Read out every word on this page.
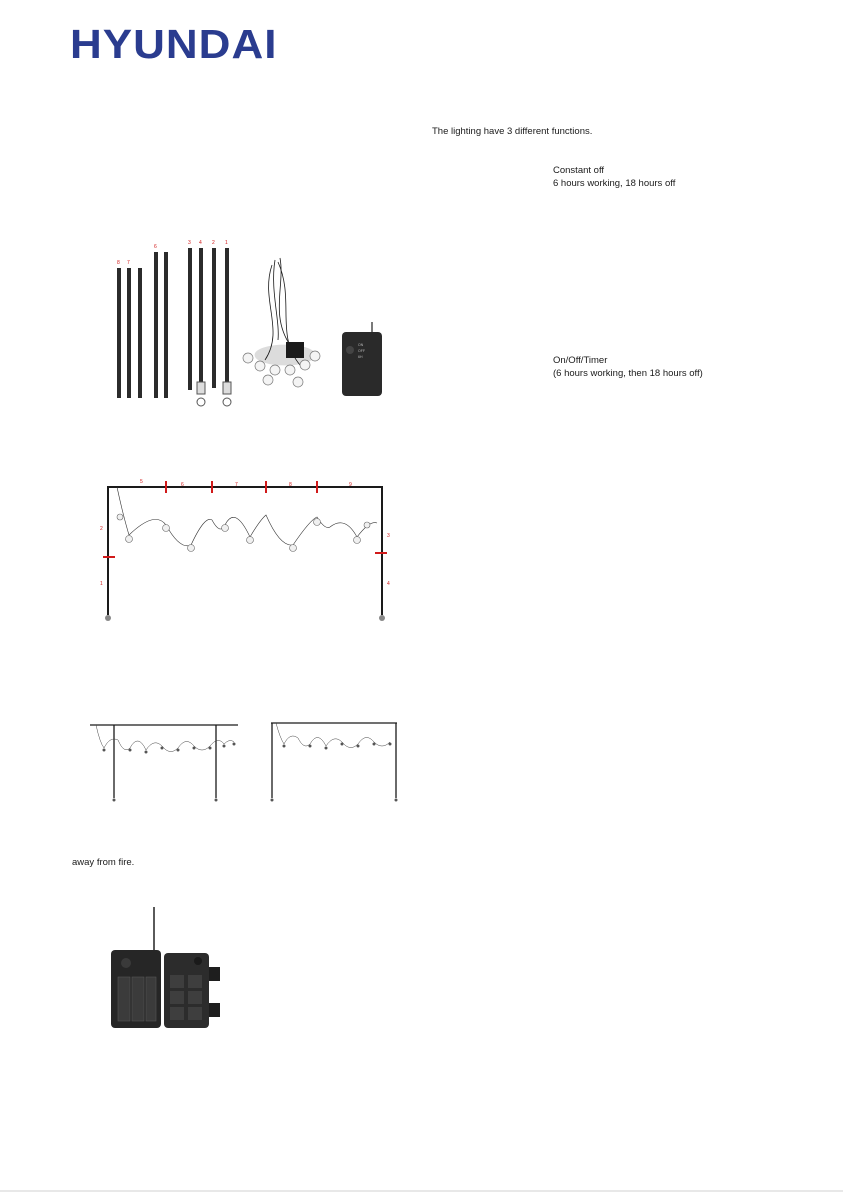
HYUNDAI
The lighting have 3 different functions.
Constant off
6 hours working, 18 hours off
On/Off/Timer
(6 hours working, then 18 hours off)
away from fire.
8 7
6
3 4 2 1
ON
OFF
6H
5	6	7	8	9
2
1
3
4
